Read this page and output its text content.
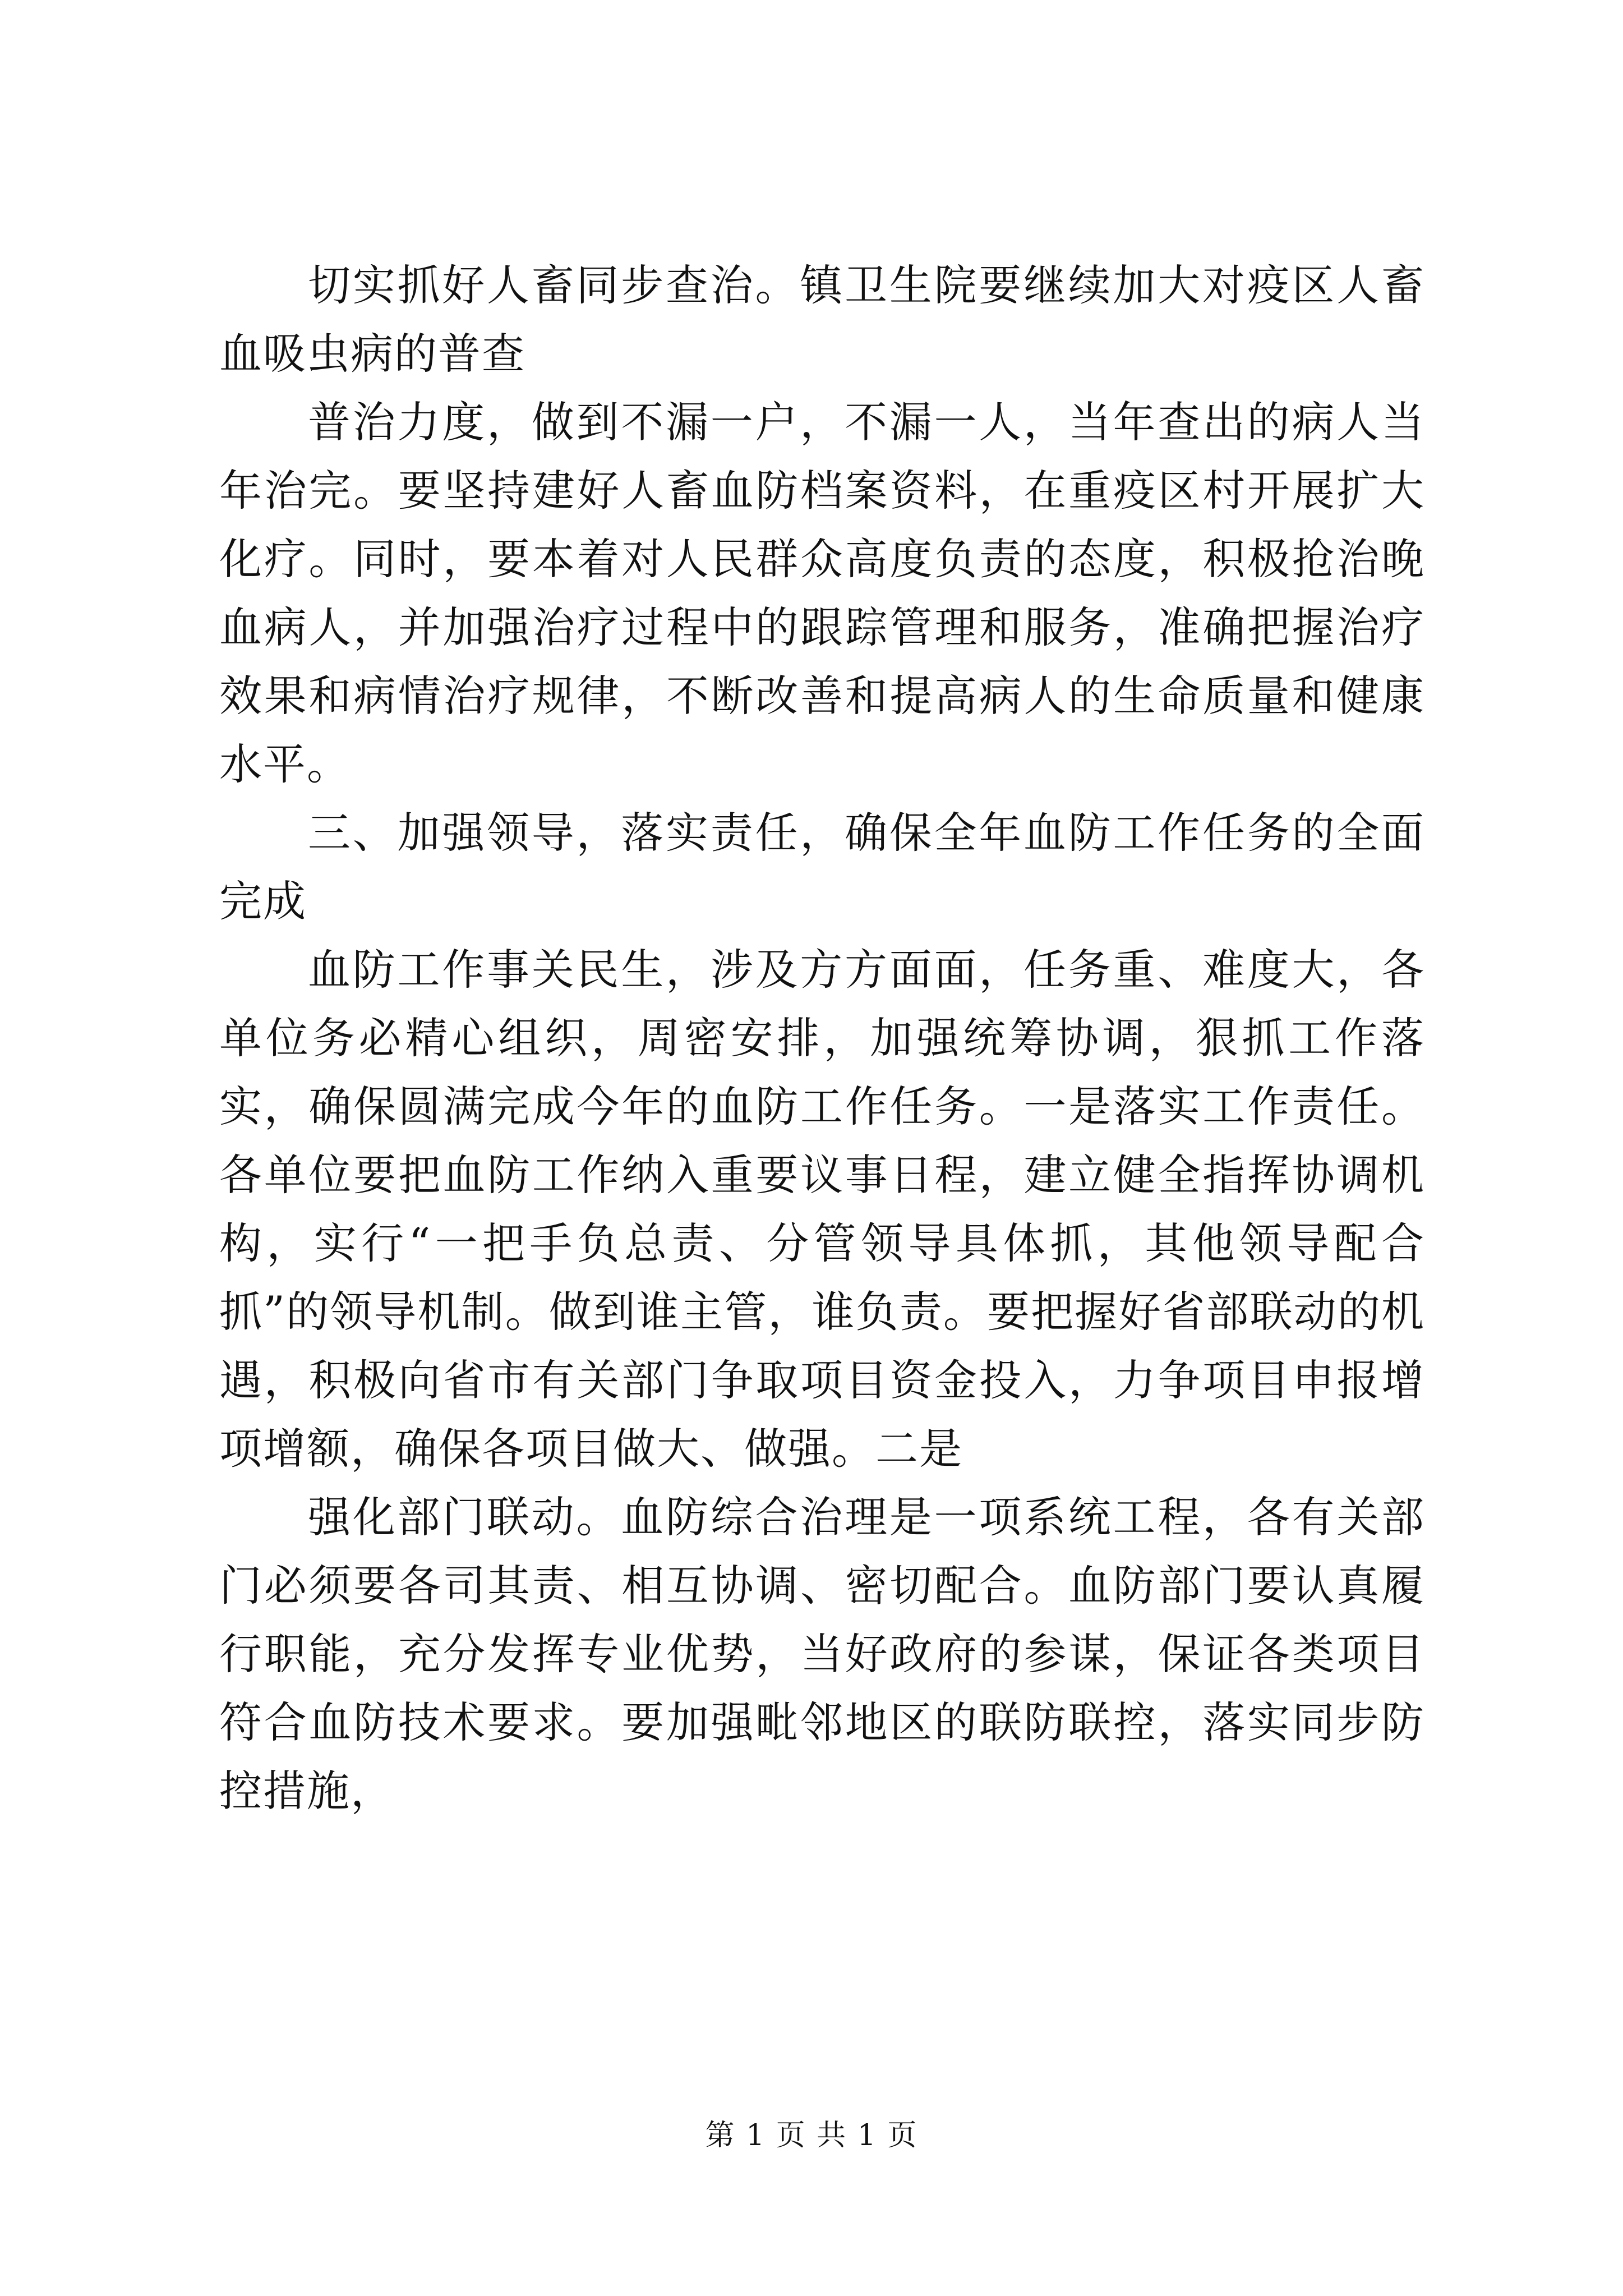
切实抓好人畜同步查治。镇卫生院要继续加大对疫区人畜血吸虫病的普查

普治力度，做到不漏一户，不漏一人，当年查出的病人当年治完。要坚持建好人畜血防档案资料，在重疫区村开展扩大化疗。同时，要本着对人民群众高度负责的态度，积极抢治晚血病人，并加强治疗过程中的跟踪管理和服务，准确把握治疗效果和病情治疗规律，不断改善和提高病人的生命质量和健康水平。

三、加强领导，落实责任，确保全年血防工作任务的全面完成

血防工作事关民生，涉及方方面面，任务重、难度大，各单位务必精心组织，周密安排，加强统筹协调，狠抓工作落实，确保圆满完成今年的血防工作任务。一是落实工作责任。各单位要把血防工作纳入重要议事日程，建立健全指挥协调机构，实行“一把手负总责、分管领导具体抓，其他领导配合抓”的领导机制。做到谁主管，谁负责。要把握好省部联动的机遇，积极向省市有关部门争取项目资金投入，力争项目申报增项增额，确保各项目做大、做强。二是

强化部门联动。血防综合治理是一项系统工程，各有关部门必须要各司其责、相互协调、密切配合。血防部门要认真履行职能，充分发挥专业优势，当好政府的参谋，保证各类项目符合血防技术要求。要加强毗邻地区的联防联控，落实同步防控措施，

第 1 页 共 1 页
